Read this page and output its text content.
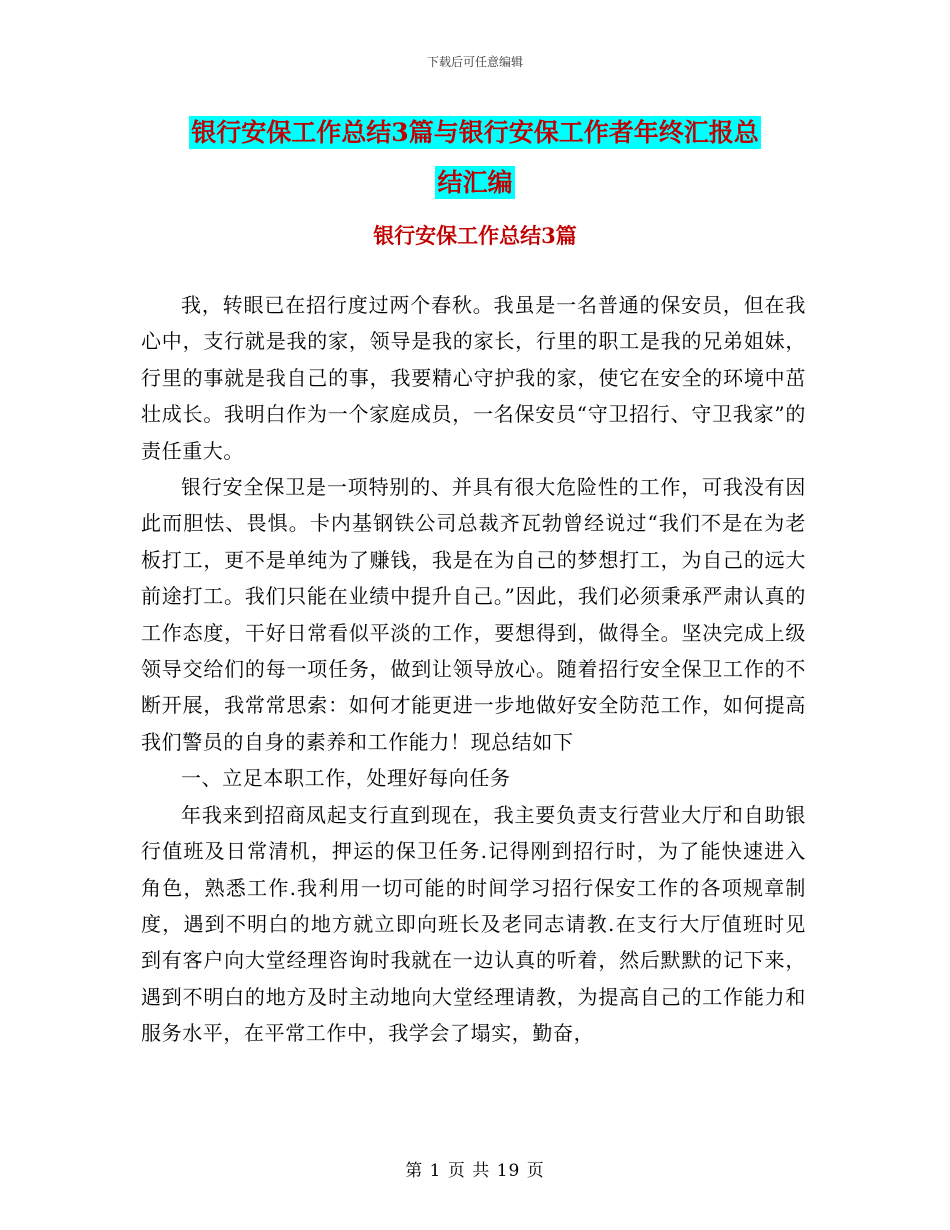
下载后可任意编辑
银行安保工作总结3篇与银行安保工作者年终汇报总
结汇编
银行安保工作总结3篇

我，转眼已在招行度过两个春秋。我虽是一名普通的保安员，但在我心中，支行就是我的家，领导是我的家长，行里的职工是我的兄弟姐妹，行里的事就是我自己的事，我要精心守护我的家，使它在安全的环境中茁壮成长。我明白作为一个家庭成员，一名保安员“守卫招行、守卫我家”的责任重大。

银行安全保卫是一项特别的、并具有很大危险性的工作，可我没有因此而胆怯、畏惧。卡内基钢铁公司总裁齐瓦勃曾经说过“我们不是在为老板打工，更不是单纯为了赚钱，我是在为自己的梦想打工，为自己的远大前途打工。我们只能在业绩中提升自己。”因此，我们必须秉承严肃认真的工作态度，干好日常看似平淡的工作，要想得到，做得全。坚决完成上级领导交给们的每一项任务，做到让领导放心。随着招行安全保卫工作的不断开展，我常常思索：如何才能更进一步地做好安全防范工作，如何提高我们警员的自身的素养和工作能力！现总结如下

一、立足本职工作，处理好每向任务

年我来到招商凤起支行直到现在，我主要负责支行营业大厅和自助银行值班及日常清机，押运的保卫任务.记得刚到招行时，为了能快速进入角色，熟悉工作.我利用一切可能的时间学习招行保安工作的各项规章制度，遇到不明白的地方就立即向班长及老同志请教.在支行大厅值班时见到有客户向大堂经理咨询时我就在一边认真的听着，然后默默的记下来，遇到不明白的地方及时主动地向大堂经理请教，为提高自己的工作能力和服务水平，在平常工作中，我学会了塌实，勤奋，

第 1 页 共 19 页
